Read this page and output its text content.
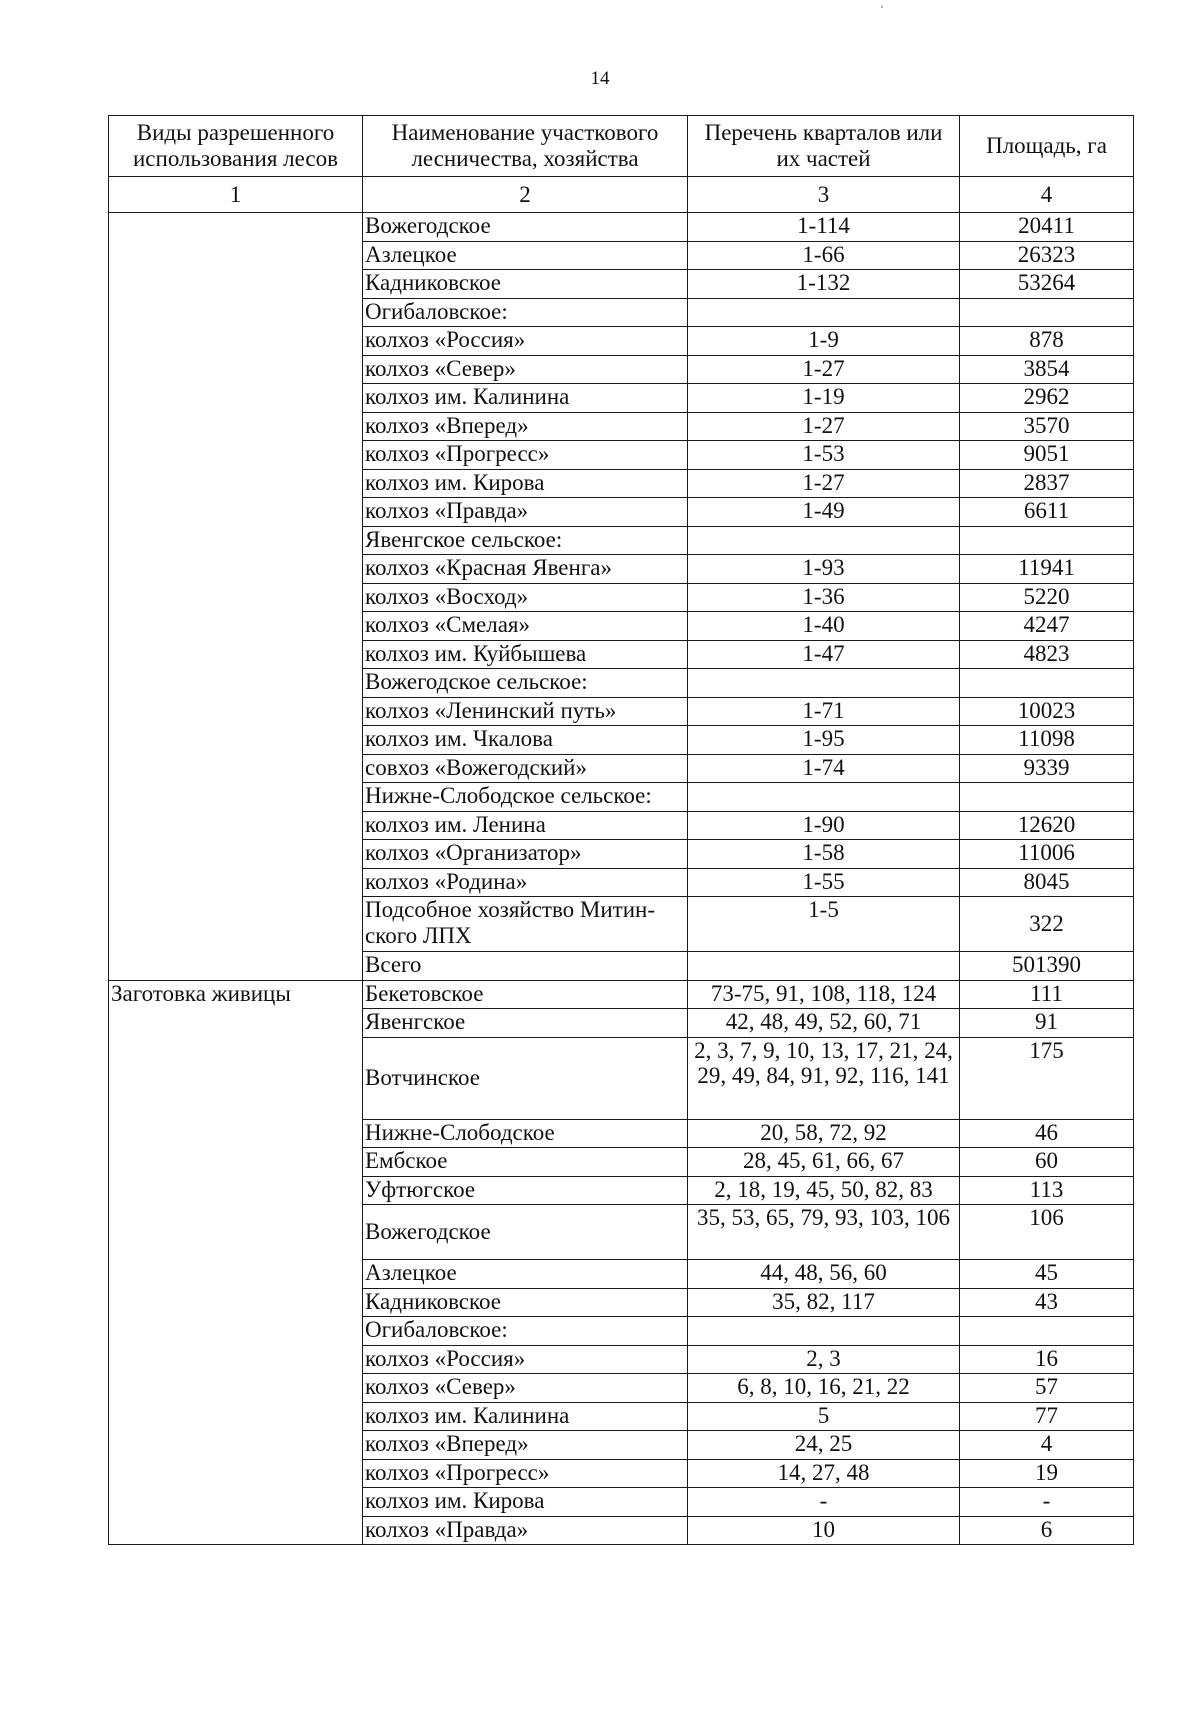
14
ʻ
Виды разрешенного использования лесов	Наименование участкового лесничества, хозяйства	Перечень кварталов или их частей	Площадь, га
1	2	3	4
	Вожегодское	1-114	20411
	Азлецкое	1-66	26323
	Кадниковское	1-132	53264
	Огибаловское:		
	колхоз «Россия»	1-9	878
	колхоз «Север»	1-27	3854
	колхоз им. Калинина	1-19	2962
	колхоз «Вперед»	1-27	3570
	колхоз «Прогресс»	1-53	9051
	колхоз им. Кирова	1-27	2837
	колхоз «Правда»	1-49	6611
	Явенгское сельское:		
	колхоз «Красная Явенга»	1-93	11941
	колхоз «Восход»	1-36	5220
	колхоз «Смелая»	1-40	4247
	колхоз им. Куйбышева	1-47	4823
	Вожегодское сельское:		
	колхоз «Ленинский путь»	1-71	10023
	колхоз им. Чкалова	1-95	11098
	совхоз «Вожегодский»	1-74	9339
	Нижне-Слободское сельское:		
	колхоз им. Ленина	1-90	12620
	колхоз «Организатор»	1-58	11006
	колхоз «Родина»	1-55	8045
	Подсобное хозяйство Митин-ского ЛПХ	1-5	322
	Всего		501390
Заготовка живицы	Бекетовское	73-75, 91, 108, 118, 124	111
	Явенгское	42, 48, 49, 52, 60, 71	91
	Вотчинское	2, 3, 7, 9, 10, 13, 17, 21, 24, 29, 49, 84, 91, 92, 116, 141	175
	Нижне-Слободское	20, 58, 72, 92	46
	Ембское	28, 45, 61, 66, 67	60
	Уфтюгское	2, 18, 19, 45, 50, 82, 83	113
	Вожегодское	35, 53, 65, 79, 93, 103, 106	106
	Азлецкое	44, 48, 56, 60	45
	Кадниковское	35, 82, 117	43
	Огибаловское:		
	колхоз «Россия»	2, 3	16
	колхоз «Север»	6, 8, 10, 16, 21, 22	57
	колхоз им. Калинина	5	77
	колхоз «Вперед»	24, 25	4
	колхоз «Прогресс»	14, 27, 48	19
	колхоз им. Кирова	-	-
	колхоз «Правда»	10	6
